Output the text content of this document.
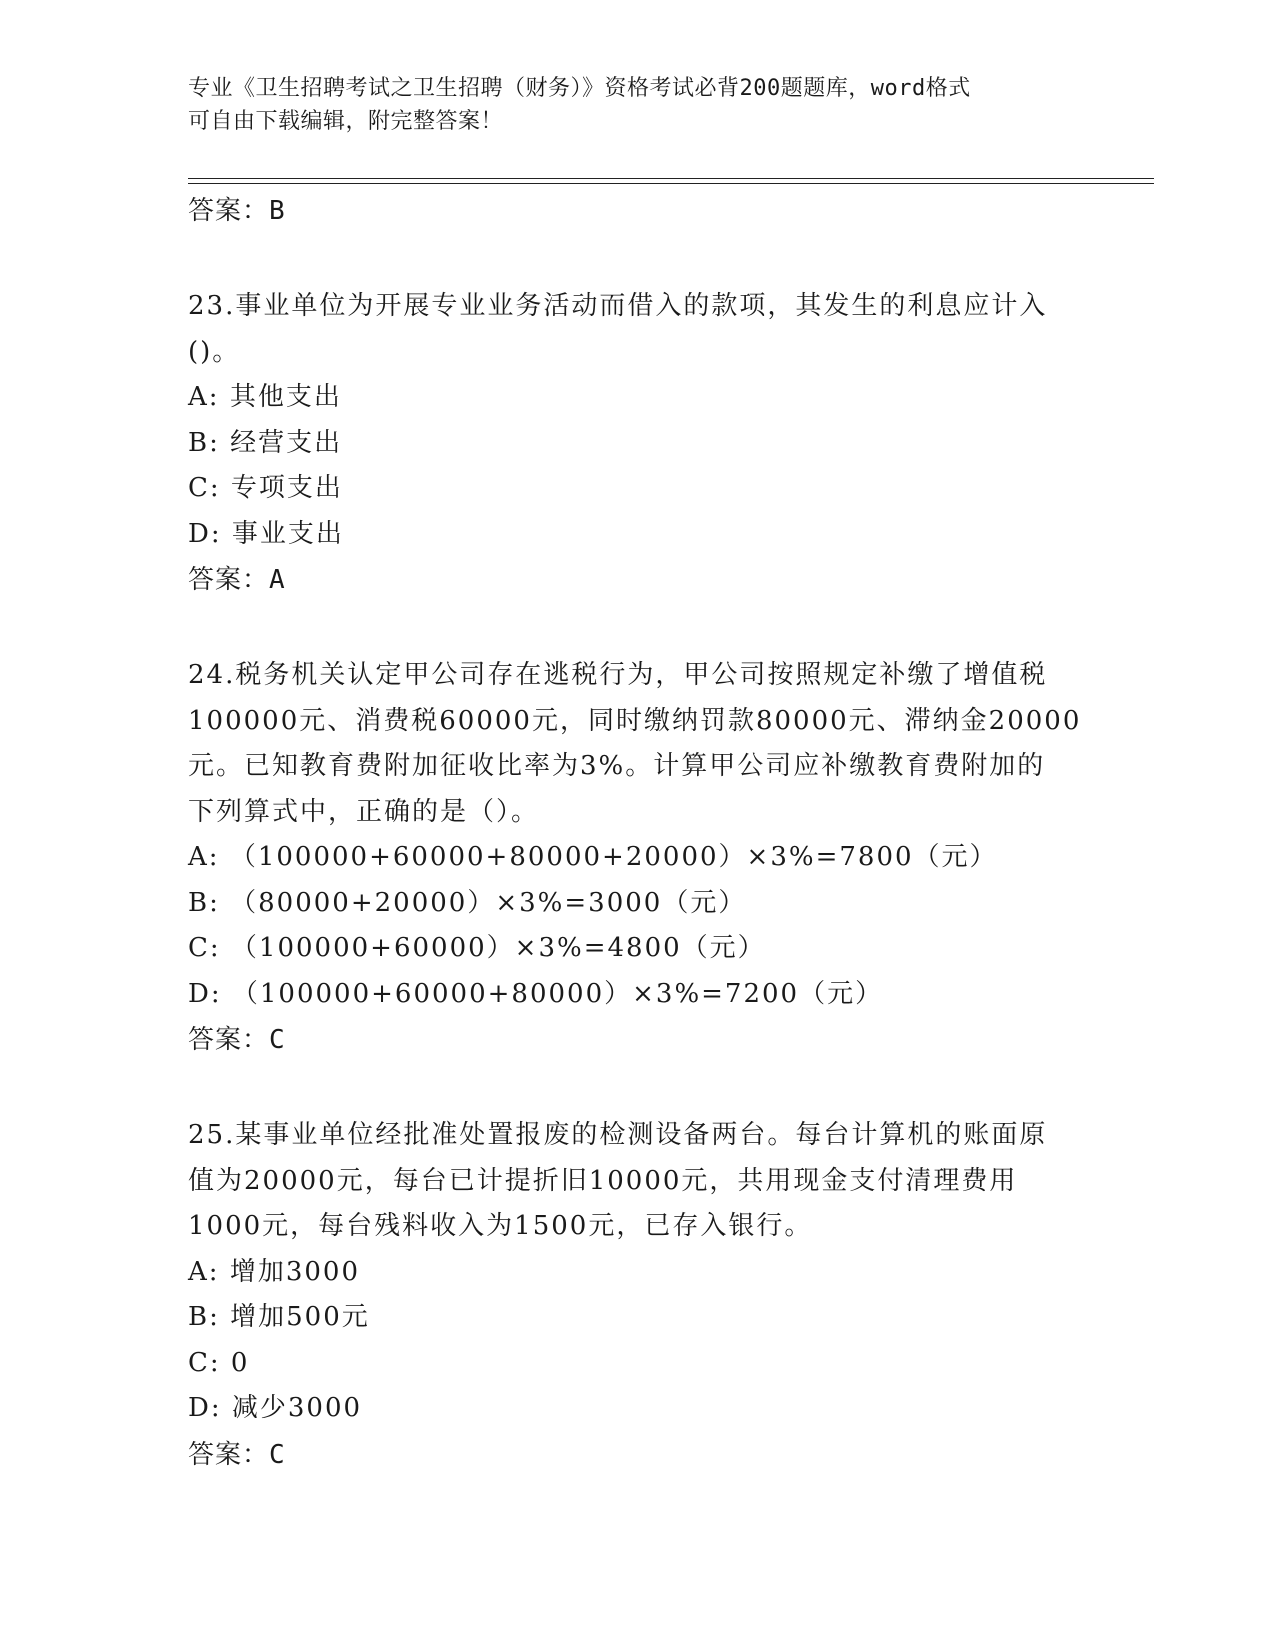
专业《卫生招聘考试之卫生招聘（财务）》资格考试必背200题题库，word格式
可自由下载编辑，附完整答案！

答案：B

23.事业单位为开展专业业务活动而借入的款项，其发生的利息应计入

()。

A: 其他支出

B: 经营支出

C: 专项支出

D: 事业支出

答案：A

24.税务机关认定甲公司存在逃税行为，甲公司按照规定补缴了增值税

100000元、消费税60000元，同时缴纳罚款80000元、滞纳金20000

元。已知教育费附加征收比率为3%。计算甲公司应补缴教育费附加的

下列算式中，正确的是（）。

A: （100000+60000+80000+20000）×3%=7800（元）

B: （80000+20000）×3%=3000（元）

C: （100000+60000）×3%=4800（元）

D: （100000+60000+80000）×3%=7200（元）

答案：C

25.某事业单位经批准处置报废的检测设备两台。每台计算机的账面原

值为20000元，每台已计提折旧10000元，共用现金支付清理费用

1000元，每台残料收入为1500元，已存入银行。

A: 增加3000

B: 增加500元

C: 0

D: 减少3000

答案：C
